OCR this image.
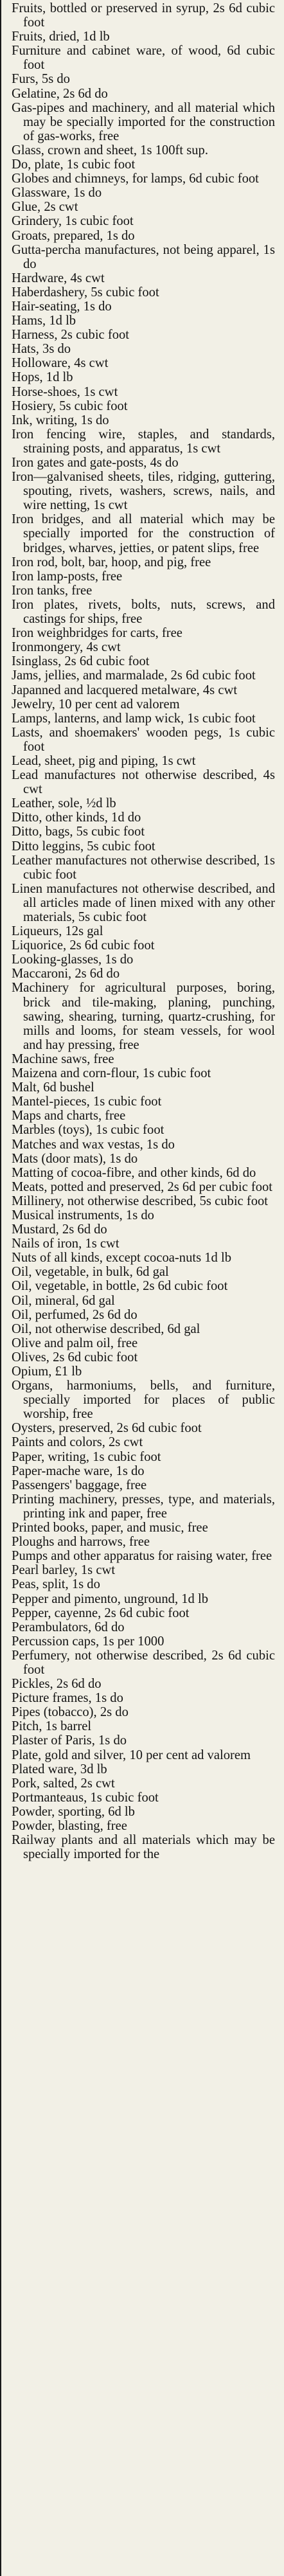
Fruits, bottled or preserved in syrup, 2s 6d cubic foot

Fruits, dried, 1d lb

Furniture and cabinet ware, of wood, 6d cubic foot

Furs, 5s do

Gelatine, 2s 6d do

Gas-pipes and machinery, and all material which may be specially imported for the construction of gas-works, free

Glass, crown and sheet, 1s 100ft sup.

Do, plate, 1s cubic foot

Globes and chimneys, for lamps, 6d cubic foot

Glassware, 1s do

Glue, 2s cwt

Grindery, 1s cubic foot

Groats, prepared, 1s do

Gutta-percha manufactures, not being apparel, 1s do

Hardware, 4s cwt

Haberdashery, 5s cubic foot

Hair-seating, 1s do

Hams, 1d lb

Harness, 2s cubic foot

Hats, 3s do

Holloware, 4s cwt

Hops, 1d lb

Horse-shoes, 1s cwt

Hosiery, 5s cubic foot

Ink, writing, 1s do

Iron fencing wire, staples, and standards, straining posts, and apparatus, 1s cwt

Iron gates and gate-posts, 4s do

Iron—galvanised sheets, tiles, ridging, guttering, spouting, rivets, washers, screws, nails, and wire netting, 1s cwt

Iron bridges, and all material which may be specially imported for the construction of bridges, wharves, jetties, or patent slips, free

Iron rod, bolt, bar, hoop, and pig, free

Iron lamp-posts, free

Iron tanks, free

Iron plates, rivets, bolts, nuts, screws, and castings for ships, free

Iron weighbridges for carts, free

Ironmongery, 4s cwt

Isinglass, 2s 6d cubic foot

Jams, jellies, and marmalade, 2s 6d cubic foot

Japanned and lacquered metalware, 4s cwt

Jewelry, 10 per cent ad valorem

Lamps, lanterns, and lamp wick, 1s cubic foot

Lasts, and shoemakers' wooden pegs, 1s cubic foot

Lead, sheet, pig and piping, 1s cwt

Lead manufactures not otherwise described, 4s cwt

Leather, sole, ½d lb

Ditto, other kinds, 1d do

Ditto, bags, 5s cubic foot

Ditto leggins, 5s cubic foot

Leather manufactures not otherwise described, 1s cubic foot

Linen manufactures not otherwise described, and all articles made of linen mixed with any other materials, 5s cubic foot

Liqueurs, 12s gal

Liquorice, 2s 6d cubic foot

Looking-glasses, 1s do

Maccaroni, 2s 6d do

Machinery for agricultural purposes, boring, brick and tile-making, planing, punching, sawing, shearing, turning, quartz-crushing, for mills and looms, for steam vessels, for wool and hay pressing, free

Machine saws, free

Maizena and corn-flour, 1s cubic foot

Malt, 6d bushel

Mantel-pieces, 1s cubic foot

Maps and charts, free

Marbles (toys), 1s cubic foot

Matches and wax vestas, 1s do

Mats (door mats), 1s do

Matting of cocoa-fibre, and other kinds, 6d do

Meats, potted and preserved, 2s 6d per cubic foot

Millinery, not otherwise described, 5s cubic foot

Musical instruments, 1s do

Mustard, 2s 6d do

Nails of iron, 1s cwt

Nuts of all kinds, except cocoa-nuts 1d lb

Oil, vegetable, in bulk, 6d gal

Oil, vegetable, in bottle, 2s 6d cubic foot

Oil, mineral, 6d gal

Oil, perfumed, 2s 6d do

Oil, not otherwise described, 6d gal

Olive and palm oil, free

Olives, 2s 6d cubic foot

Opium, £1 lb

Organs, harmoniums, bells, and furniture, specially imported for places of public worship, free

Oysters, preserved, 2s 6d cubic foot

Paints and colors, 2s cwt

Paper, writing, 1s cubic foot

Paper-mache ware, 1s do

Passengers' baggage, free

Printing machinery, presses, type, and materials, printing ink and paper, free

Printed books, paper, and music, free

Ploughs and harrows, free

Pumps and other apparatus for raising water, free

Pearl barley, 1s cwt

Peas, split, 1s do

Pepper and pimento, unground, 1d lb

Pepper, cayenne, 2s 6d cubic foot

Perambulators, 6d do

Percussion caps, 1s per 1000

Perfumery, not otherwise described, 2s 6d cubic foot

Pickles, 2s 6d do

Picture frames, 1s do

Pipes (tobacco), 2s do

Pitch, 1s barrel

Plaster of Paris, 1s do

Plate, gold and silver, 10 per cent ad valorem

Plated ware, 3d lb

Pork, salted, 2s cwt

Portmanteaus, 1s cubic foot

Powder, sporting, 6d lb

Powder, blasting, free

Railway plants and all materials which may be specially imported for the
